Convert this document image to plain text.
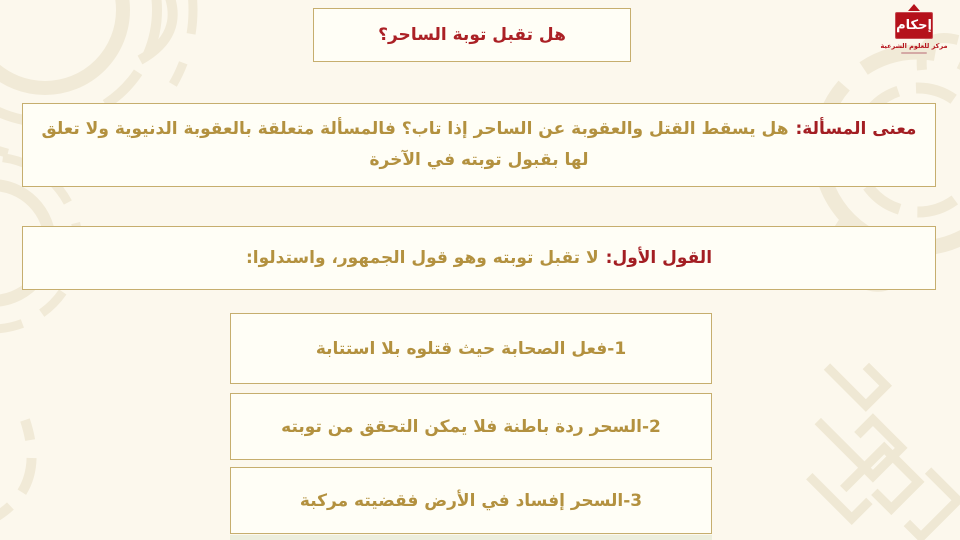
هل تقبل توبة الساحر؟	إحكام
مركز للعلوم الشرعية
معنى المسألة:هل يسقط القتل والعقوبة عن الساحر إذا تاب؟ فالمسألة متعلقة بالعقوبة الدنيوية ولا تعلق لها بقبول توبته في الآخرة
القول الأول:لا تقبل توبته وهو قول الجمهور، واستدلوا:
1-فعل الصحابة حيث قتلوه بلا استتابة
2-السحر ردة باطنة فلا يمكن التحقق من توبته
3-السحر إفساد في الأرض فقضيته مركبة
